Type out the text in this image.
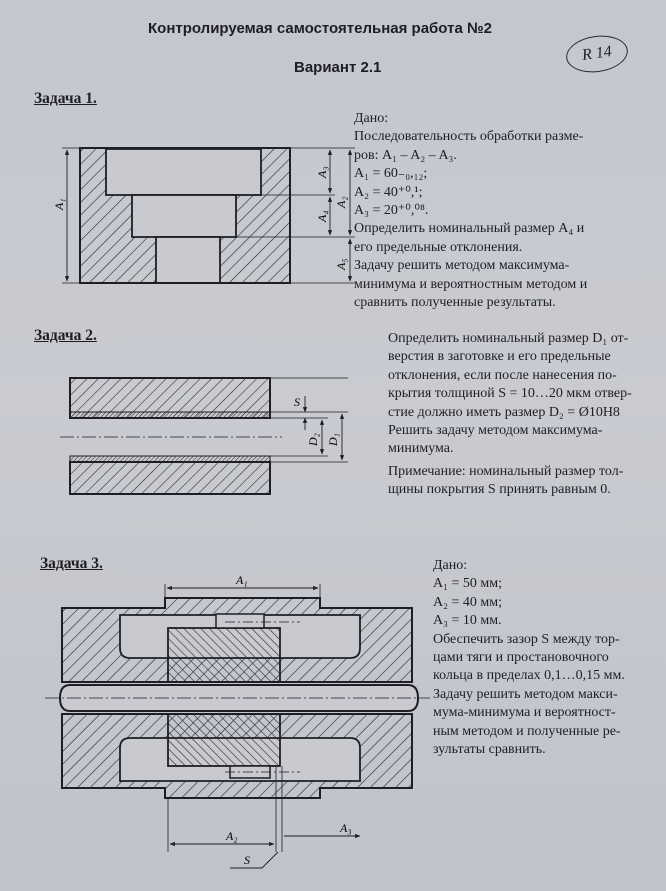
Контролируемая самостоятельная работа №2
Вариант 2.1
R 14
Задача 1.
A₁	A₂
A₃
A₄
A₅
Дано:
Последовательность обработки разме-
ров: A₁ – A₂ – A₃.
A₁ = 60₋₀,₁₂;
A₂ = 40⁺⁰,¹;
A₃ = 20⁺⁰,⁰⁸.
Определить номинальный размер A₄ и
его предельные отклонения.
Задачу решить методом максимума-
минимума и вероятностным методом и
сравнить полученные результаты.
Задача 2.
S
D₂ D₁
Определить номинальный размер D₁ от-
верстия в заготовке и его предельные
отклонения, если после нанесения по-
крытия толщиной S = 10…20 мкм отвер-
стие должно иметь размер D₂ = Ø10H8
Решить задачу методом максимума-
минимума.
Примечание: номинальный размер тол-
щины покрытия S принять равным 0.
Задача 3.
A₁
A₂
A₃
S
Дано:
A₁ = 50 мм;
A₂ = 40 мм;
A₃ = 10 мм.
Обеспечить зазор S между тор-
цами тяги и простановочного
кольца в пределах 0,1…0,15 мм.
Задачу решить методом макси-
мума-минимума и вероятност-
ным методом и полученные ре-
зультаты сравнить.
